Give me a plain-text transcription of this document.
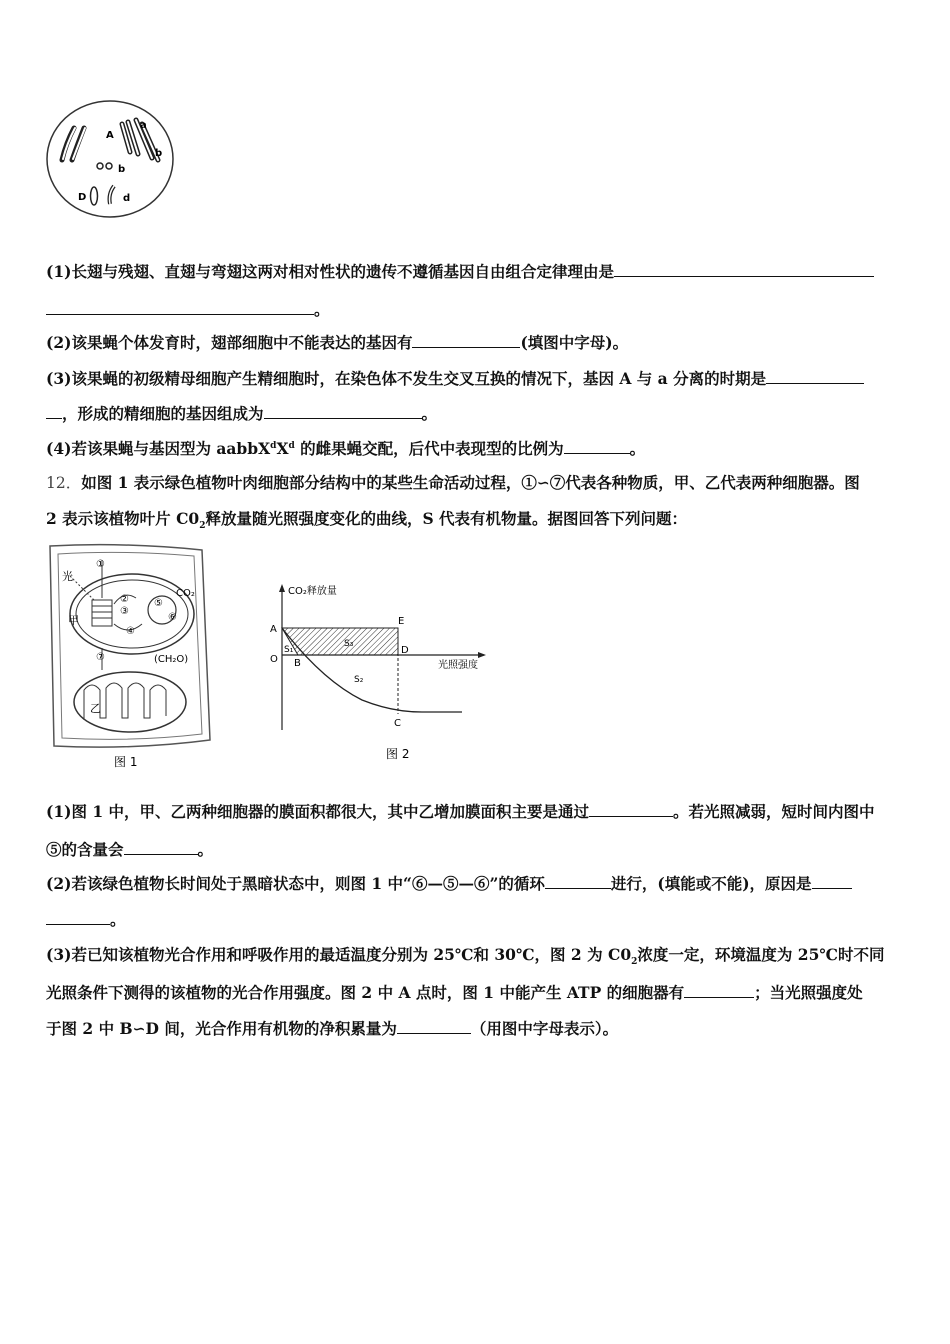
A
a
b
b
D	d
(1)长翅与残翅、直翅与弯翅这两对相对性状的遗传不遵循基因自由组合定律理由是
。
(2)该果蝇个体发育时，翅部细胞中不能表达的基因有	(填图中字母)。
(3)该果蝇的初级精母细胞产生精细胞时，在染色体不发生交叉互换的情况下，基因 A 与 a 分离的时期是
，形成的精细胞的基因组成为	。
(4)若该果蝇与基因型为 $aabbX^dX^d$ 的雌果蝇交配，后代中表现型的比例为	。
12．如图 1 表示绿色植物叶肉细胞部分结构中的某些生命活动过程，①∽⑦代表各种物质，甲、乙代表两种细胞器。图
2 表示该植物叶片 $C0_2$释放量随光照强度变化的曲线，S 代表有机物量。据图回答下列问题：
光
①
②
③
④
⑤
⑥
⑦
CO₂
(CH₂O)
甲
乙
图 1
CO₂释放量
光照强度
A
E
D
B
C
O
S₁
S₂
S₃
图 2
(1)图 1 中，甲、乙两种细胞器的膜面积都很大，其中乙增加膜面积主要是通过	。若光照减弱，短时间内图中
⑤的含量会	。
(2)若该绿色植物长时间处于黑暗状态中，则图 1 中“⑥—⑤—⑥”的循环	进行，(填能或不能)，原因是
。
(3)若已知该植物光合作用和呼吸作用的最适温度分别为 25℃和 30℃，图 2 为 $C0_2$浓度一定，环境温度为 25℃时不同
光照条件下测得的该植物的光合作用强度。图 2 中 A 点时，图 1 中能产生 ATP 的细胞器有	；当光照强度处
于图 2 中 B∽D 间，光合作用有机物的净积累量为	（用图中字母表示）。
